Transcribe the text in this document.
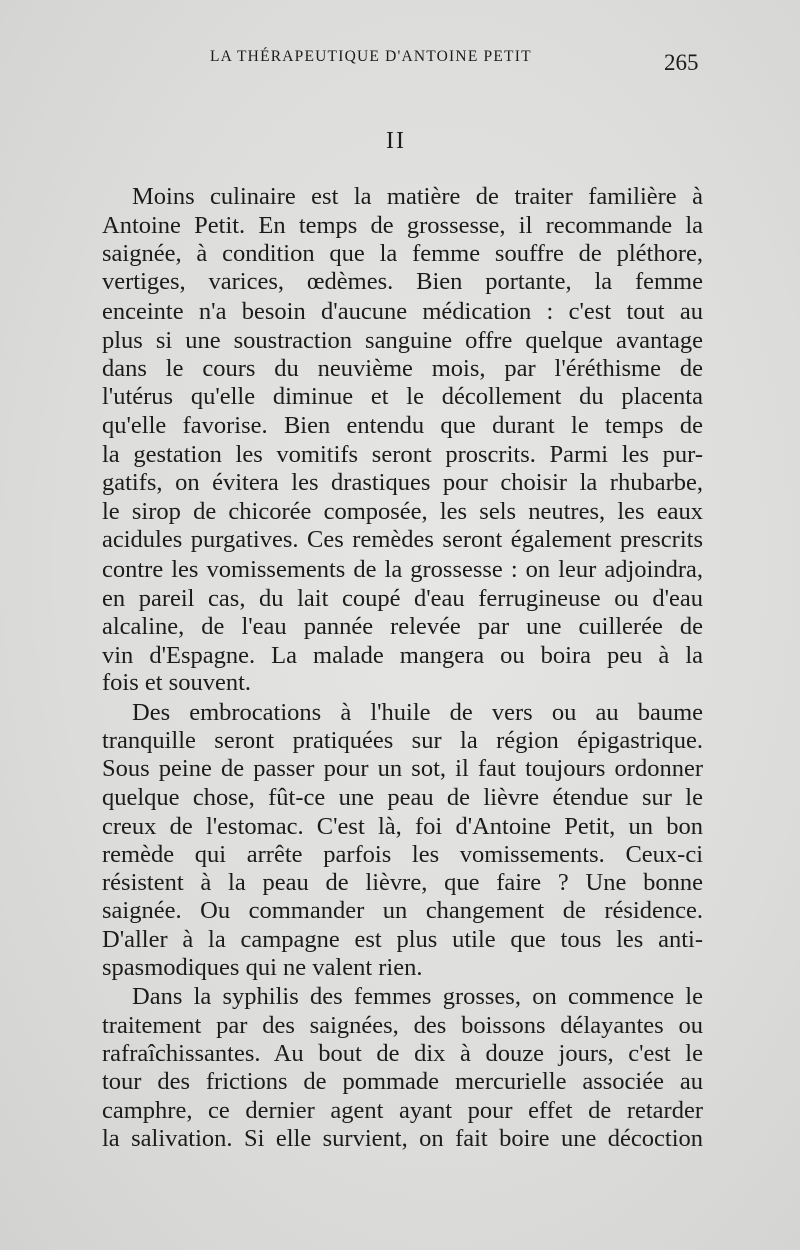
LA THÉRAPEUTIQUE D'ANTOINE PETIT	265
II
Moins culinaire est la matière de traiter familière à
Antoine Petit. En temps de grossesse, il recommande la
saignée, à condition que la femme souffre de pléthore,
vertiges, varices, œdèmes. Bien portante, la femme
enceinte n'a besoin d'aucune médication : c'est tout au
plus si une soustraction sanguine offre quelque avantage
dans le cours du neuvième mois, par l'éréthisme de
l'utérus qu'elle diminue et le décollement du placenta
qu'elle favorise. Bien entendu que durant le temps de
la gestation les vomitifs seront proscrits. Parmi les pur-
gatifs, on évitera les drastiques pour choisir la rhubarbe,
le sirop de chicorée composée, les sels neutres, les eaux
acidules purgatives. Ces remèdes seront également prescrits
contre les vomissements de la grossesse : on leur adjoindra,
en pareil cas, du lait coupé d'eau ferrugineuse ou d'eau
alcaline, de l'eau pannée relevée par une cuillerée de
vin d'Espagne. La malade mangera ou boira peu à la
fois et souvent.
Des embrocations à l'huile de vers ou au baume
tranquille seront pratiquées sur la région épigastrique.
Sous peine de passer pour un sot, il faut toujours ordonner
quelque chose, fût-ce une peau de lièvre étendue sur le
creux de l'estomac. C'est là, foi d'Antoine Petit, un bon
remède qui arrête parfois les vomissements. Ceux-ci
résistent à la peau de lièvre, que faire ? Une bonne
saignée. Ou commander un changement de résidence.
D'aller à la campagne est plus utile que tous les anti-
spasmodiques qui ne valent rien.
Dans la syphilis des femmes grosses, on commence le
traitement par des saignées, des boissons délayantes ou
rafraîchissantes. Au bout de dix à douze jours, c'est le
tour des frictions de pommade mercurielle associée au
camphre, ce dernier agent ayant pour effet de retarder
la salivation. Si elle survient, on fait boire une décoction
